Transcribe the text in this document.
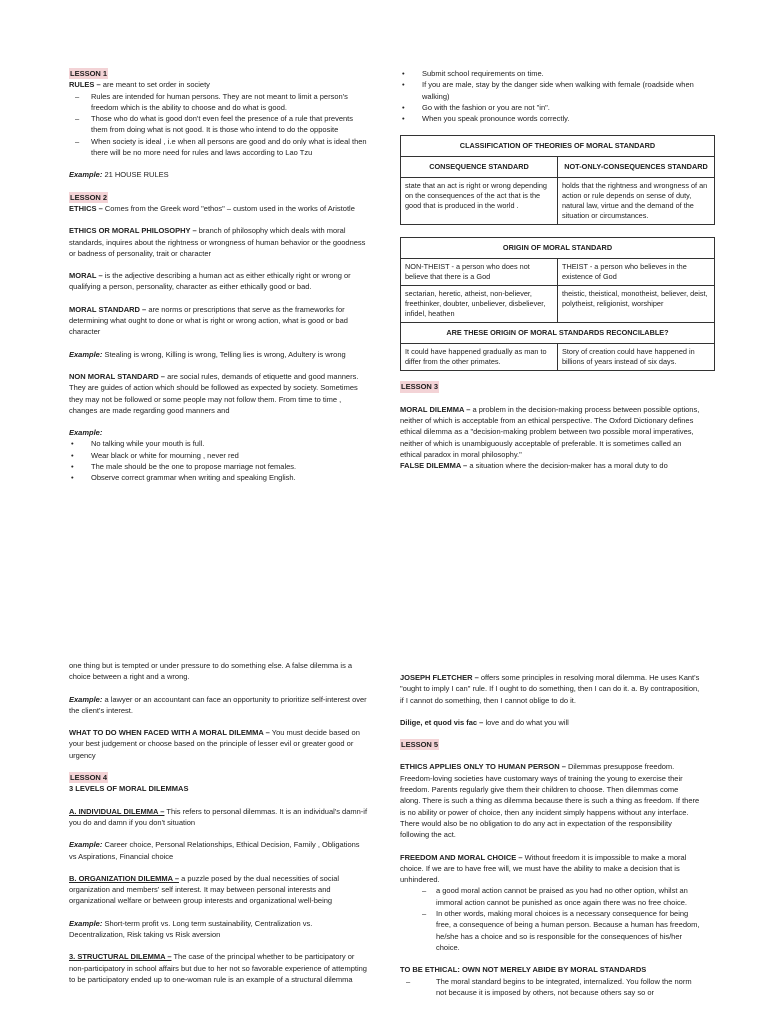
LESSON 1

RULES – are meant to set order in society

– Rules are intended for human persons. They are not meant to limit a person's freedom which is the ability to choose and do what is good.
– Those who do what is good don't even feel the presence of a rule that prevents them from doing what is not good. It is those who intend to do the opposite
– When society is ideal , i.e when all persons are good and do only what is ideal then there will be no more need for rules and laws according to Lao Tzu

Example: 21 HOUSE RULES

LESSON 2

ETHICS – Comes from the Greek word "ethos" – custom used in the works of Aristotle

ETHICS OR MORAL PHILOSOPHY – branch of philosophy which deals with moral standards, inquires about the rightness or wrongness of human behavior or the goodness or badness of personality, trait or character

MORAL – is the adjective describing a human act as either ethically right or wrong or qualifying a person, personality, character as either ethically good or bad.

MORAL STANDARD – are norms or prescriptions that serve as the frameworks for determining what ought to done or what is right or wrong action, what is good or bad character

Example: Stealing is wrong, Killing is wrong, Telling lies is wrong, Adultery is wrong

NON MORAL STANDARD – are social rules, demands of etiquette and good manners. They are guides of action which should be followed as expected by society. Sometimes they may not be followed or some people may not follow them. From time to time , changes are made regarding good manners and

Example:

• No talking while your mouth is full.
• Wear black or white for mourning , never red
• The male should be the one to propose marriage not females.
• Observe correct grammar when writing and speaking English.
• Submit school requirements on time.
• If you are male, stay by the danger side when walking with female (roadside when walking)
• Go with the fashion or you are not "in".
• When you speak pronounce words correctly.
CLASSIFICATION OF THEORIES OF MORAL STANDARD	
CONSEQUENCE STANDARD	NOT-ONLY-CONSEQUENCES STANDARD
state that an act is right or wrong depending on the consequences of the act that is the good that is produced in the world .	holds that the rightness and wrongness of an action or rule depends on sense of duty, natural law, virtue and the demand of the situation or circumstances.
ORIGIN OF MORAL STANDARD	
NON-THEIST - a person who does not believe that there is a God	THEIST - a person who believes in the existence of God
sectarian, heretic, atheist, non-believer, freethinker, doubter, unbeliever, disbeliever, infidel, heathen	theistic, theistical, monotheist, believer, deist, polytheist, religionist, worshiper
ARE THESE ORIGIN OF MORAL STANDARDS RECONCILABLE?	
It could have happened gradually as man to differ from the other primates.	Story of creation could have happened in billions of years instead of six days.

LESSON 3

MORAL DILEMMA – a problem in the decision-making process between possible options, neither of which is acceptable from an ethical perspective. The Oxford Dictionary defines ethical dilemma as a "decision-making problem between two possible moral imperatives, neither of which is unambiguously acceptable of preferable. It is sometimes called an ethical paradox in moral philosophy."

FALSE DILEMMA – a situation where the decision-maker has a moral duty to do

one thing but is tempted or under pressure to do something else. A false dilemma is a choice between a right and a wrong.

Example: a lawyer or an accountant can face an opportunity to prioritize self-interest over the client's interest.

WHAT TO DO WHEN FACED WITH A MORAL DILEMMA – You must decide based on your best judgement or choose based on the principle of lesser evil or greater good or urgency

LESSON 4

3 LEVELS OF MORAL DILEMMAS

A. INDIVIDUAL DILEMMA – This refers to personal dilemmas. It is an individual's damn-if you do and damn if you don't situation

Example: Career choice, Personal Relationships, Ethical Decision, Family , Obligations vs Aspirations, Financial choice

B. ORGANIZATION DILEMMA – a puzzle posed by the dual necessities of social organization and members' self interest. It may between personal interests and organizational welfare or between group interests and organizational well-being

Example: Short-term profit vs. Long term sustainability, Centralization vs. Decentralization, Risk taking vs Risk aversion

3. STRUCTURAL DILEMMA – The case of the principal whether to be participatory or non-participatory in school affairs but due to her not so favorable experience of attempting to be participatory ended up to one-woman rule is an example of a structural dilemma

JOSEPH FLETCHER – offers some principles in resolving moral dilemma. He uses Kant's "ought to imply I can" rule. If I ought to do something, then I can do it. a. By contraposition, if I cannot do something, then I cannot oblige to do it.

Dilige, et quod vis fac – love and do what you will

LESSON 5

ETHICS APPLIES ONLY TO HUMAN PERSON – Dilemmas presuppose freedom. Freedom-loving societies have customary ways of training the young to exercise their freedom. Parents regularly give them their children to choose. Then dilemmas come along. There is such a thing as dilemma because there is such a thing as freedom. If there is no ability or power of choice, then any incident simply happens without any interface. There would also be no obligation to do any act in expectation of the responsibility following the act.

FREEDOM AND MORAL CHOICE – Without freedom it is impossible to make a moral choice. If we are to have free will, we must have the ability to make a decision that is unhindered.

– a good moral action cannot be praised as you had no other option, whilst an immoral action cannot be punished as once again there was no free choice.
– In other words, making moral choices is a necessary consequence for being free, a consequence of being a human person. Because a human has freedom, he/she has a choice and so is responsible for the consequences of his/her choice.

TO BE ETHICAL: OWN NOT MERELY ABIDE BY MORAL STANDARDS

– The moral standard begins to be integrated, internalized. You follow the norm not because it is imposed by others, not because others say so or
